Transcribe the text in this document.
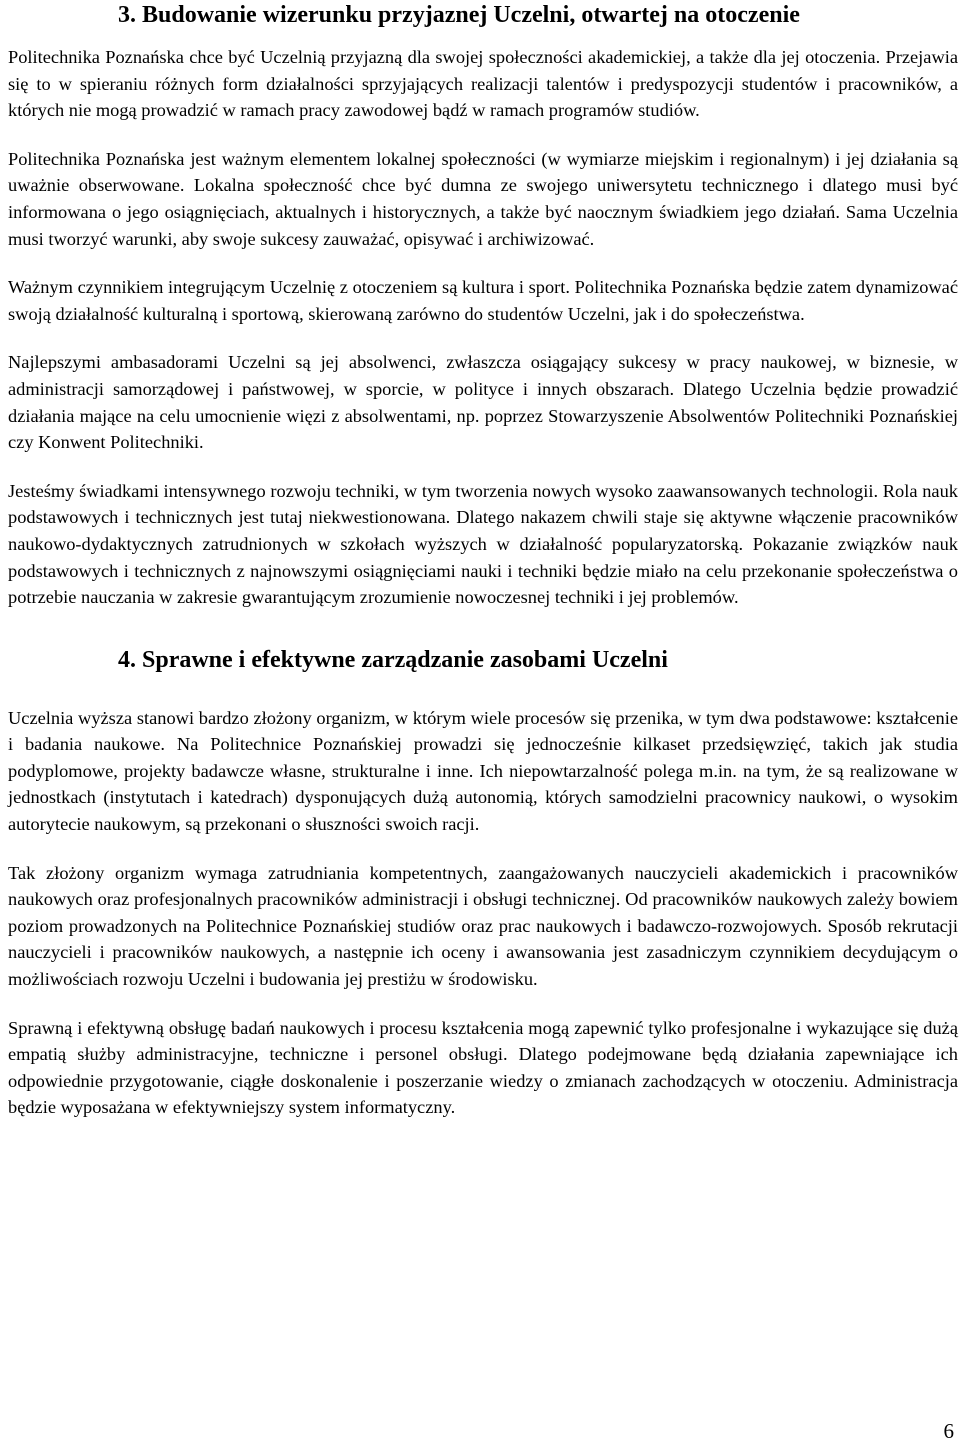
3. Budowanie wizerunku przyjaznej Uczelni, otwartej na otoczenie

Politechnika Poznańska chce być Uczelnią przyjazną dla swojej społeczności akademickiej, a także dla jej otoczenia. Przejawia się to w spieraniu różnych form działalności sprzyjających realizacji talentów i predyspozycji studentów i pracowników, a których nie mogą prowadzić w ramach pracy zawodowej bądź w ramach programów studiów.

Politechnika Poznańska jest ważnym elementem lokalnej społeczności (w wymiarze miejskim i regionalnym) i jej działania są uważnie obserwowane. Lokalna społeczność chce być dumna ze swojego uniwersytetu technicznego i dlatego musi być informowana o jego osiągnięciach, aktualnych i historycznych, a także być naocznym świadkiem jego działań. Sama Uczelnia musi tworzyć warunki, aby swoje sukcesy zauważać, opisywać i archiwizować.

Ważnym czynnikiem integrującym Uczelnię z otoczeniem są kultura i sport. Politechnika Poznańska będzie zatem dynamizować swoją działalność kulturalną i sportową, skierowaną zarówno do studentów Uczelni, jak i do społeczeństwa.

Najlepszymi ambasadorami Uczelni są jej absolwenci, zwłaszcza osiągający sukcesy w pracy naukowej, w biznesie, w administracji samorządowej i państwowej, w sporcie, w polityce i innych obszarach. Dlatego Uczelnia będzie prowadzić działania mające na celu umocnienie więzi z absolwentami, np. poprzez Stowarzyszenie Absolwentów Politechniki Poznańskiej czy Konwent Politechniki.

Jesteśmy świadkami intensywnego rozwoju techniki, w tym tworzenia nowych wysoko zaawansowanych technologii. Rola nauk podstawowych i technicznych jest tutaj niekwestionowana. Dlatego nakazem chwili staje się aktywne włączenie pracowników naukowo-dydaktycznych zatrudnionych w szkołach wyższych w działalność popularyzatorską. Pokazanie związków nauk podstawowych i technicznych z najnowszymi osiągnięciami nauki i techniki będzie miało na celu przekonanie społeczeństwa o potrzebie nauczania w zakresie gwarantującym zrozumienie nowoczesnej techniki i jej problemów.

4. Sprawne i efektywne zarządzanie zasobami Uczelni

Uczelnia wyższa stanowi bardzo złożony organizm, w którym wiele procesów się przenika, w tym dwa podstawowe: kształcenie i badania naukowe. Na Politechnice Poznańskiej prowadzi się jednocześnie kilkaset przedsięwzięć, takich jak studia podyplomowe, projekty badawcze własne, strukturalne i inne. Ich niepowtarzalność polega m.in. na tym, że są realizowane w jednostkach (instytutach i katedrach) dysponujących dużą autonomią, których samodzielni pracownicy naukowi, o wysokim autorytecie naukowym, są przekonani o słuszności swoich racji.

Tak złożony organizm wymaga zatrudniania kompetentnych, zaangażowanych nauczycieli akademickich i pracowników naukowych oraz profesjonalnych pracowników administracji i obsługi technicznej. Od pracowników naukowych zależy bowiem poziom prowadzonych na Politechnice Poznańskiej studiów oraz prac naukowych i badawczo-rozwojowych. Sposób rekrutacji nauczycieli i pracowników naukowych, a następnie ich oceny i awansowania jest zasadniczym czynnikiem decydującym o możliwościach rozwoju Uczelni i budowania jej prestiżu w środowisku.

Sprawną i efektywną obsługę badań naukowych i procesu kształcenia mogą zapewnić tylko profesjonalne i wykazujące się dużą empatią służby administracyjne, techniczne i personel obsługi. Dlatego podejmowane będą działania zapewniające ich odpowiednie przygotowanie, ciągłe doskonalenie i poszerzanie wiedzy o zmianach zachodzących w otoczeniu. Administracja będzie wyposażana w efektywniejszy system informatyczny.

6
